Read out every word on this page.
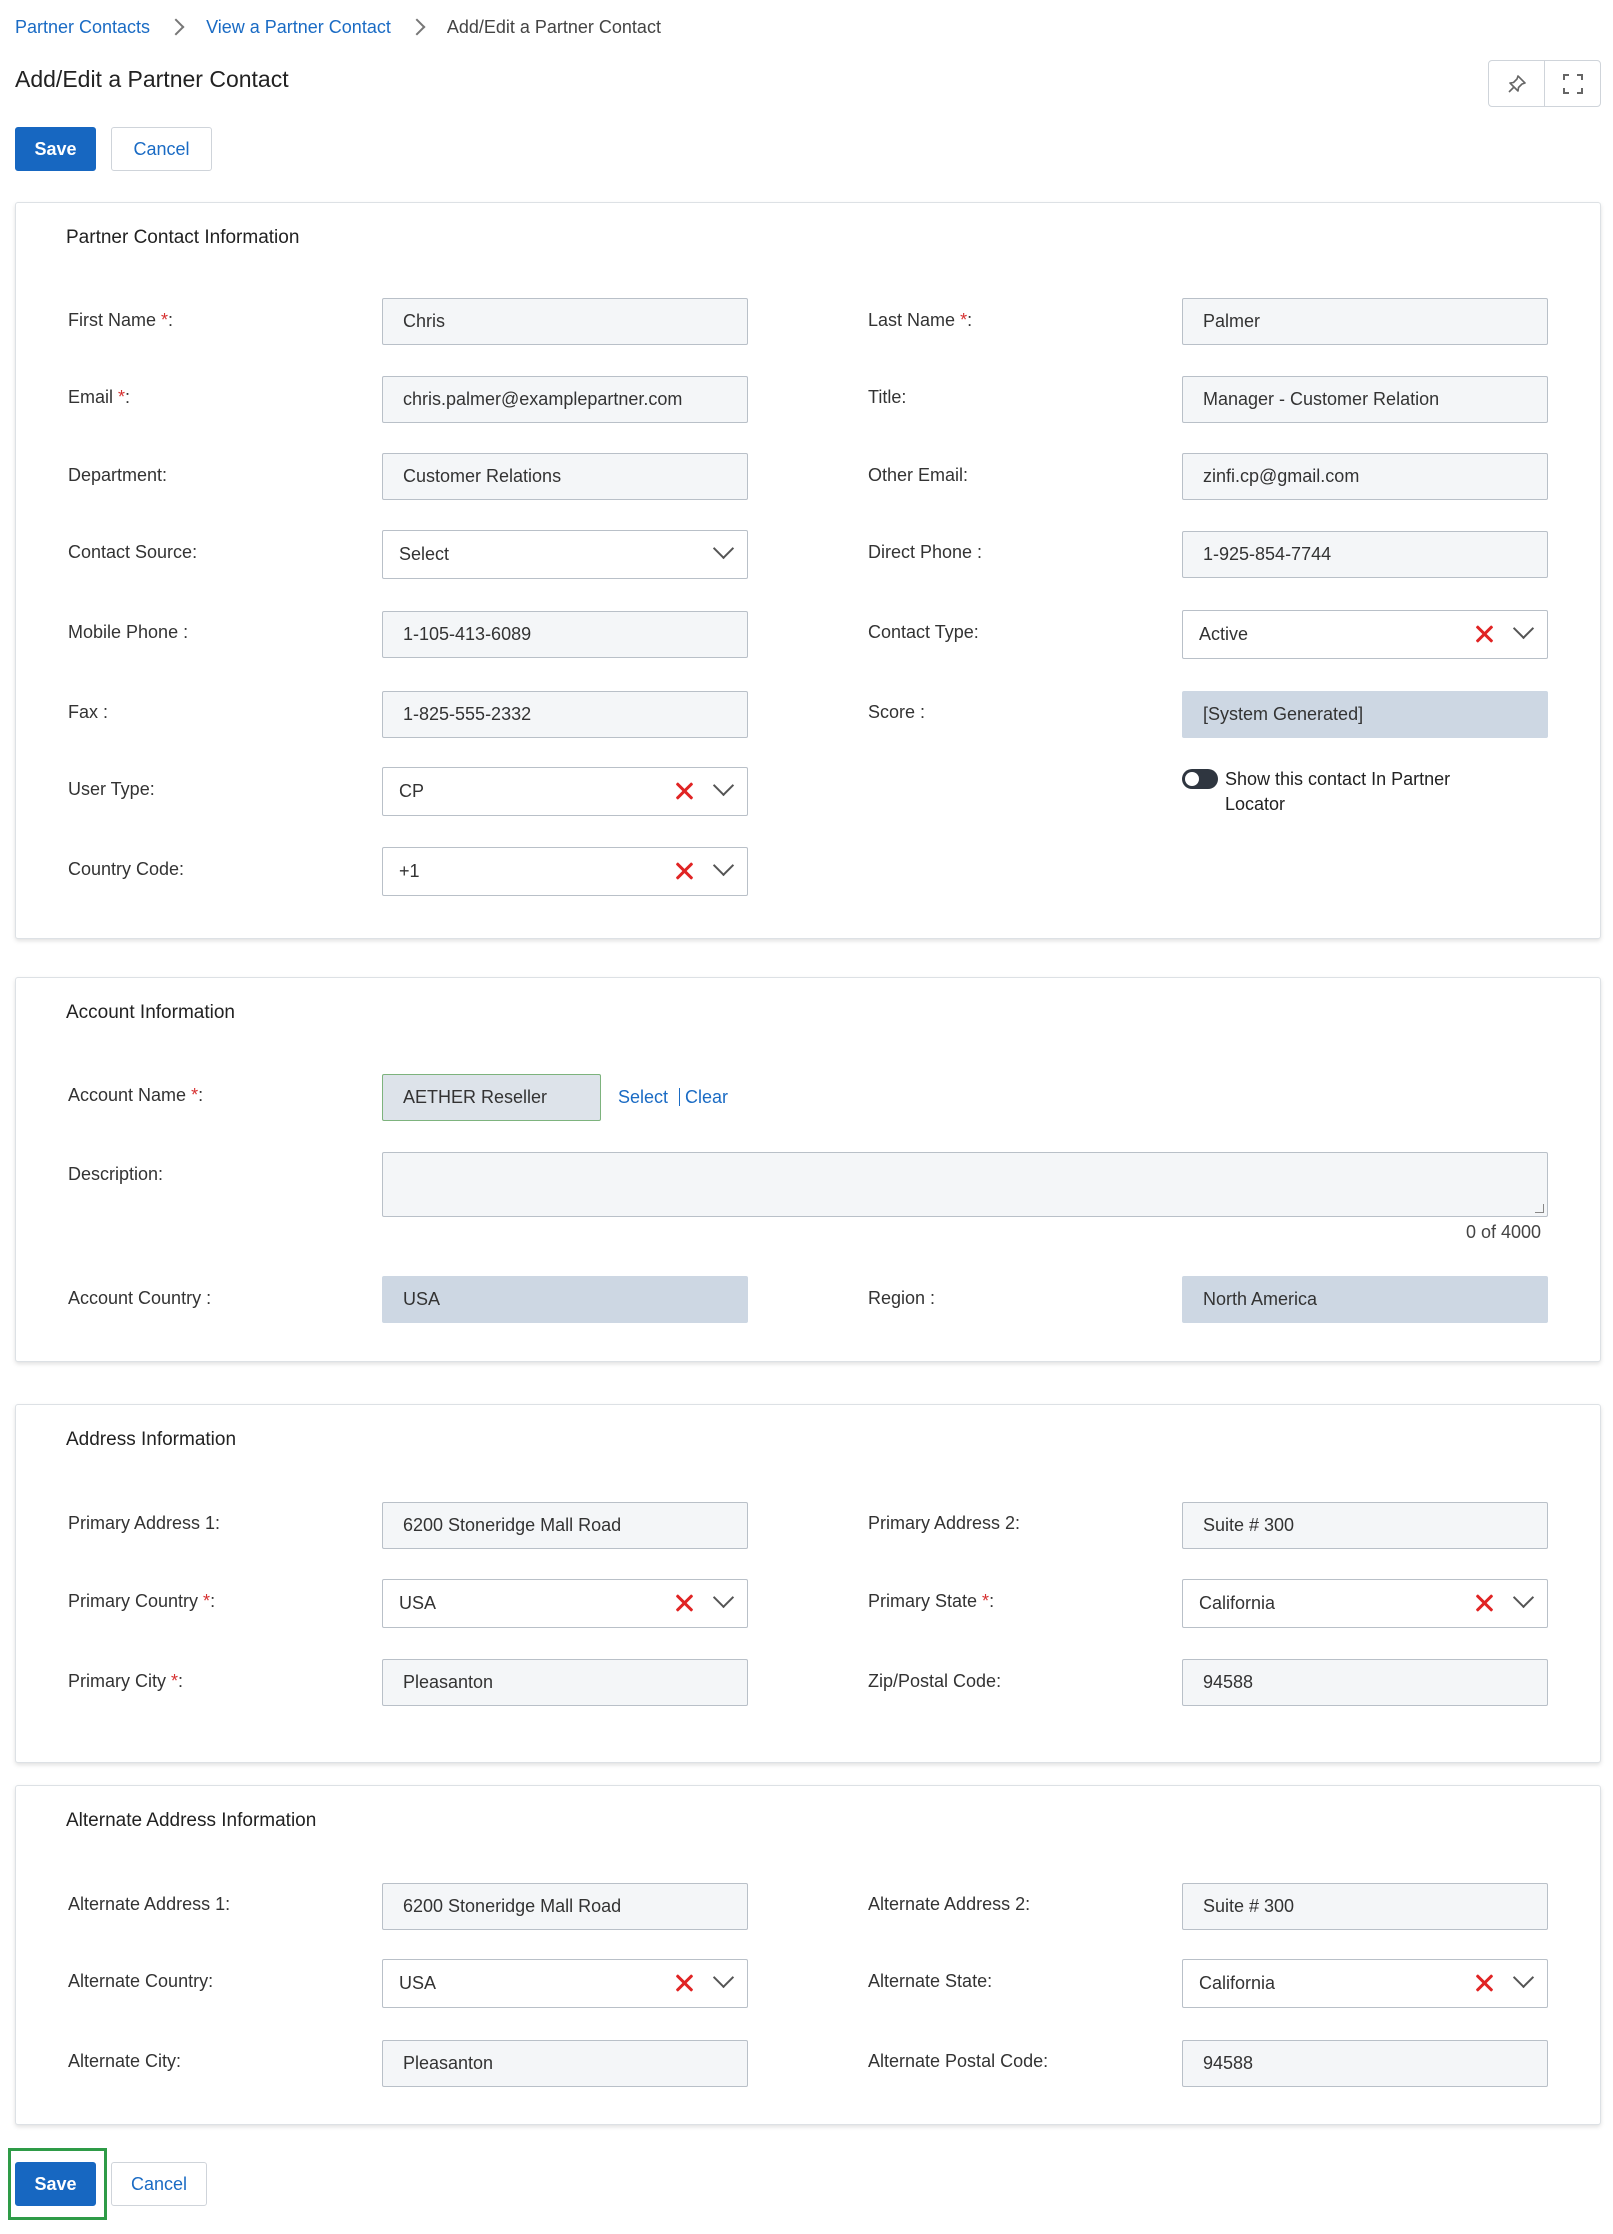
Partner Contacts	View a Partner Contact	Add/Edit a Partner Contact
Add/Edit a Partner Contact
Save	Cancel
Partner Contact Information
First Name *:	Chris	Last Name *:	Palmer
Email *:	chris.palmer@examplepartner.com	Title:	Manager - Customer Relation
Department:	Customer Relations	Other Email:	zinfi.cp@gmail.com
Contact Source:	Select	Direct Phone :	1-925-854-7744
Mobile Phone :	1-105-413-6089	Contact Type:	Active
Fax :	1-825-555-2332	Score :	[System Generated]
User Type:	CP
Show this contact In Partner
Locator
Country Code:	+1
Account Information
Account Name *:	AETHER Reseller	Select Clear
Description:
0 of 4000
Account Country :	USA	Region :	North America
Address Information
Primary Address 1:	6200 Stoneridge Mall Road	Primary Address 2:	Suite # 300
Primary Country *:	USA	Primary State *:	California
Primary City *:	Pleasanton	Zip/Postal Code:	94588
Alternate Address Information
Alternate Address 1:	6200 Stoneridge Mall Road	Alternate Address 2:	Suite # 300
Alternate Country:	USA	Alternate State:	California
Alternate City:	Pleasanton	Alternate Postal Code:	94588
Save	Cancel
